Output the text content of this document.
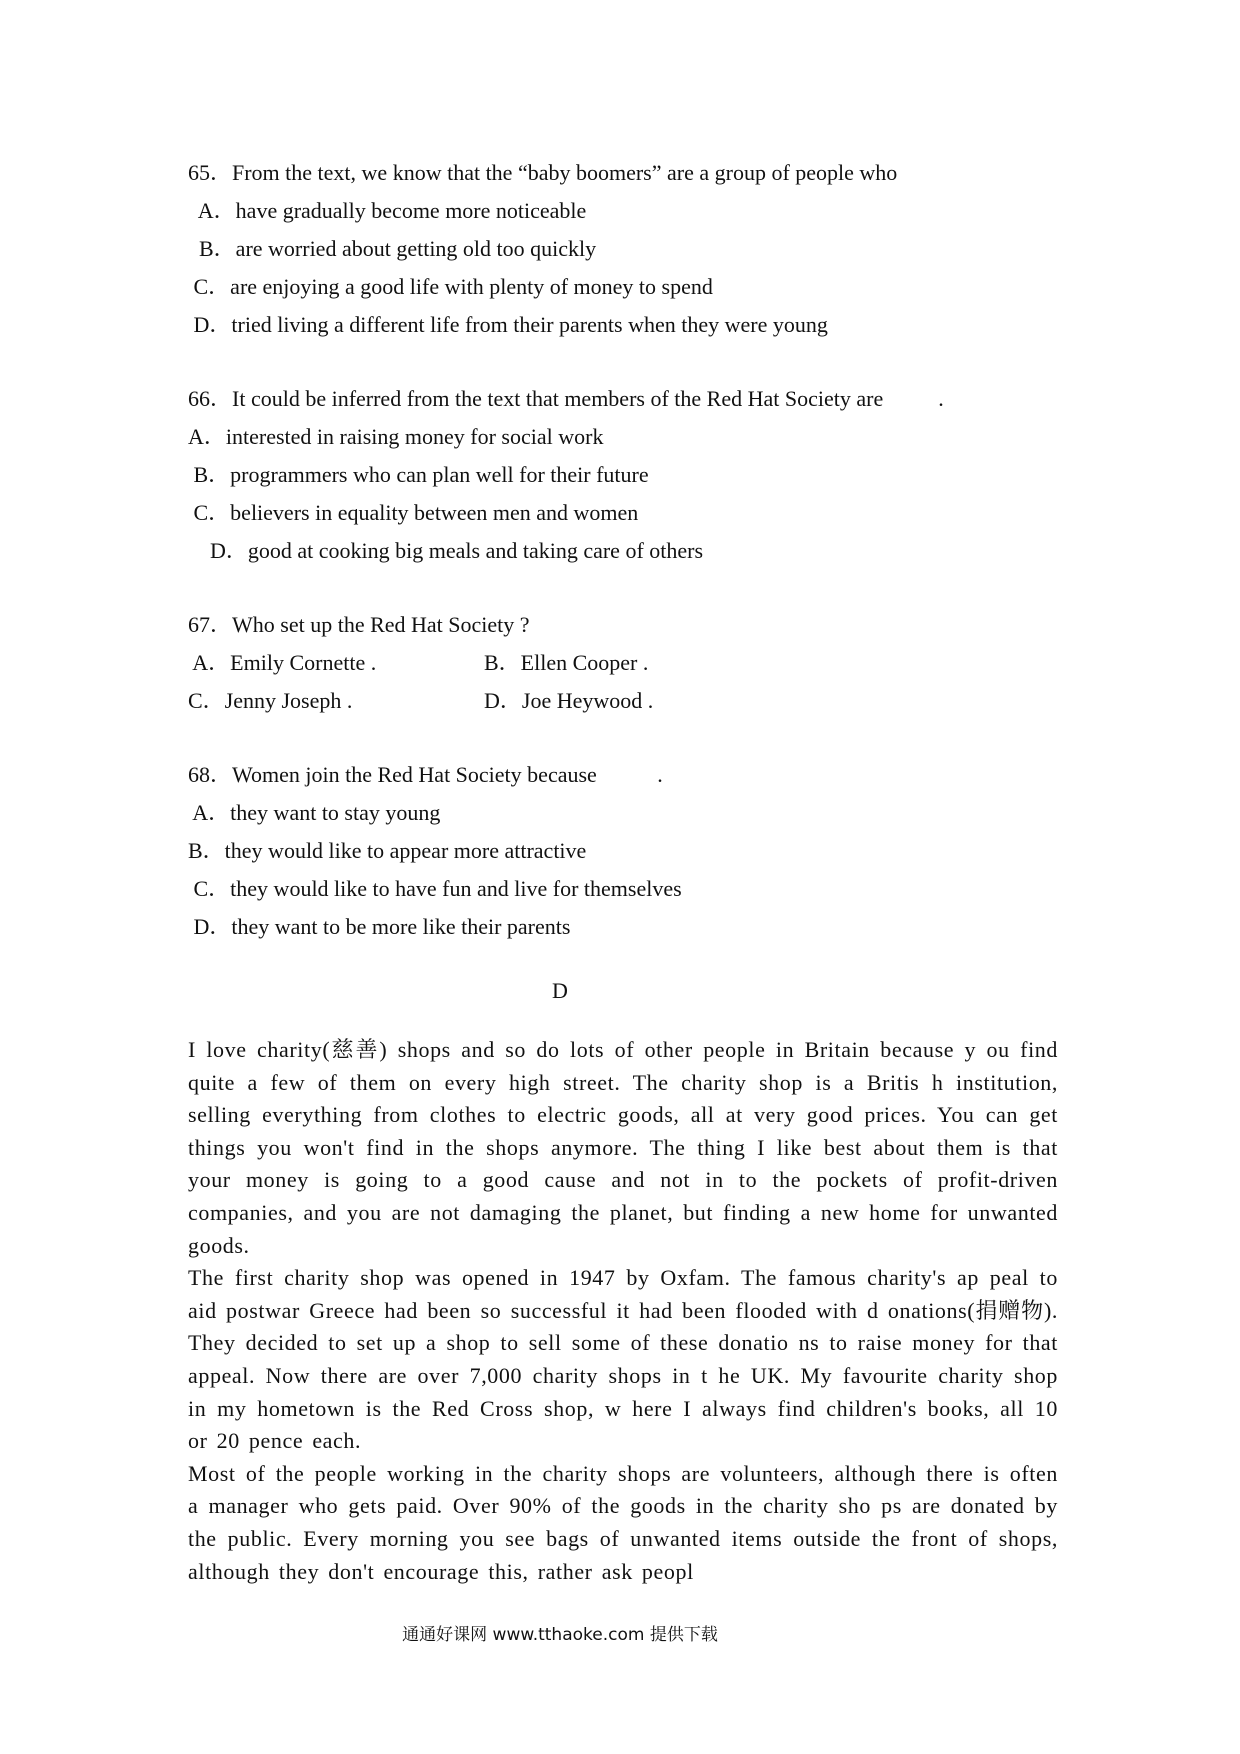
65．From the text, we know that the “baby boomers” are a group of people who
A．have gradually become more noticeable
B．are worried about getting old too quickly
C．are enjoying a good life with plenty of money to spend
D．tried living a different life from their parents when they were young
66．It could be inferred from the text that members of the Red Hat Society are          .
A．interested in raising money for social work
B．programmers who can plan well for their future
C．believers in equality between men and women
D．good at cooking big meals and taking care of others
67．Who set up the Red Hat Society ?
A．Emily Cornette .	B．Ellen Cooper .
C．Jenny Joseph .	D．Joe Heywood .
68．Women join the Red Hat Society because           .
A．they want to stay young
B．they would like to appear more attractive
C．they would like to have fun and live for themselves
D．they want to be more like their parents
D

I love charity(慈善) shops and so do lots of other people in Britain because y ou find quite a few of them on every high street. The charity shop is a Britis h institution, selling everything from clothes to electric goods, all at very good prices. You can get things you won't find in the shops anymore. The thing I like best about them is that your money is going to a good cause and not in to the pockets of profit-driven companies, and you are not damaging the planet, but finding a new home for unwanted goods.

The first charity shop was opened in 1947 by Oxfam. The famous charity's ap peal to aid postwar Greece had been so successful it had been flooded with d onations(捐赠物). They decided to set up a shop to sell some of these donatio ns to raise money for that appeal. Now there are over 7,000 charity shops in t he UK. My favourite charity shop in my hometown is the Red Cross shop, w here I always find children's books, all 10 or 20 pence each.

Most of the people working in the charity shops are volunteers, although there is often a manager who gets paid. Over 90% of the goods in the charity sho ps are donated by the public. Every morning you see bags of unwanted items outside the front of shops, although they don't encourage this, rather ask peopl

通通好课网 www.tthaoke.com 提供下载
